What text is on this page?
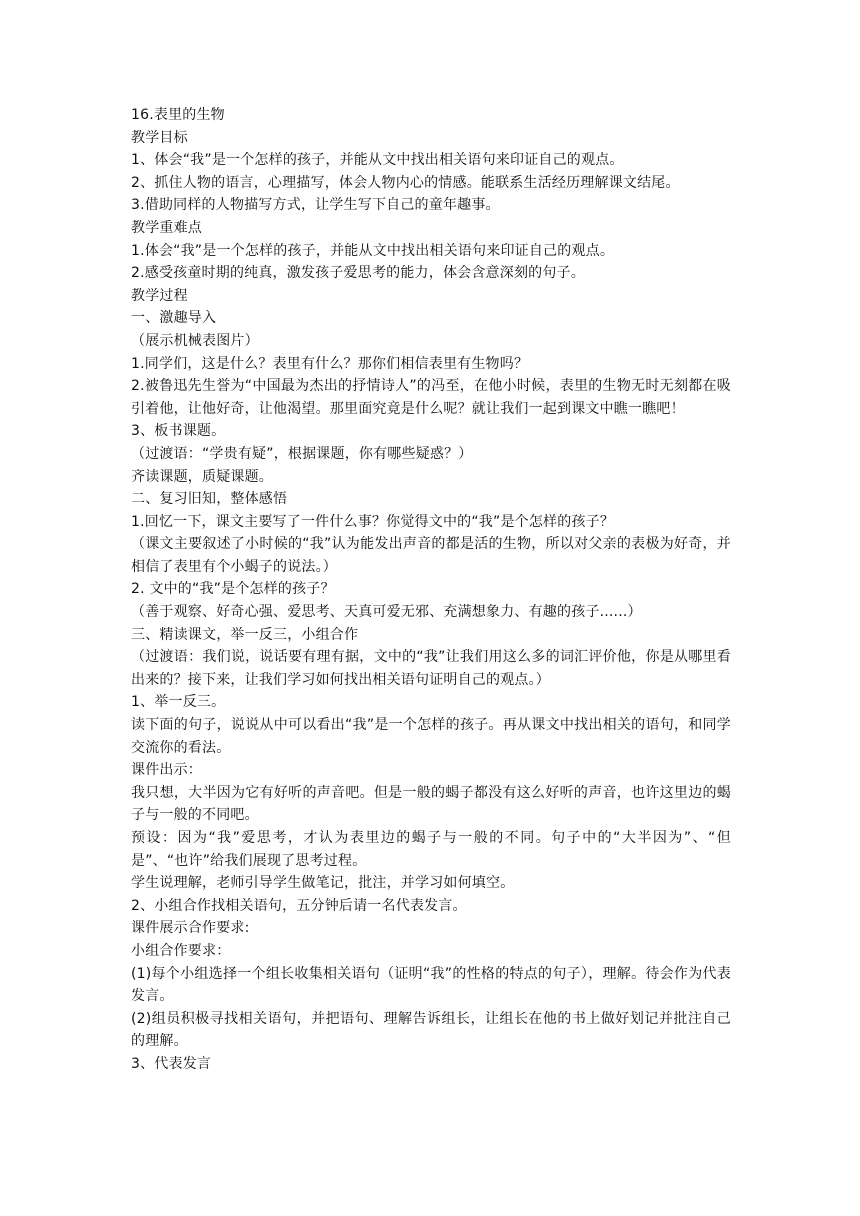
16.表里的生物
教学目标
1、体会“我”是一个怎样的孩子，并能从文中找出相关语句来印证自己的观点。
2、抓住人物的语言，心理描写，体会人物内心的情感。能联系生活经历理解课文结尾。
3.借助同样的人物描写方式，让学生写下自己的童年趣事。
教学重难点
1.体会“我”是一个怎样的孩子，并能从文中找出相关语句来印证自己的观点。
2.感受孩童时期的纯真，激发孩子爱思考的能力，体会含意深刻的句子。
教学过程
一、激趣导入
（展示机械表图片）
1.同学们，这是什么？表里有什么？那你们相信表里有生物吗？
2.被鲁迅先生誉为“中国最为杰出的抒情诗人”的冯至，在他小时候，表里的生物无时无刻都在吸引着他，让他好奇，让他渴望。那里面究竟是什么呢？就让我们一起到课文中瞧一瞧吧！
3、板书课题。
（过渡语：“学贵有疑”，根据课题，你有哪些疑惑？）
齐读课题，质疑课题。
二、复习旧知，整体感悟
1.回忆一下，课文主要写了一件什么事？你觉得文中的“我”是个怎样的孩子？
（课文主要叙述了小时候的“我”认为能发出声音的都是活的生物，所以对父亲的表极为好奇，并相信了表里有个小蝎子的说法。）
2. 文中的“我”是个怎样的孩子？
（善于观察、好奇心强、爱思考、天真可爱无邪、充满想象力、有趣的孩子......）
三、精读课文，举一反三，小组合作
（过渡语：我们说，说话要有理有据，文中的“我”让我们用这么多的词汇评价他，你是从哪里看出来的？接下来，让我们学习如何找出相关语句证明自己的观点。）
1、举一反三。
读下面的句子，说说从中可以看出“我”是一个怎样的孩子。再从课文中找出相关的语句，和同学交流你的看法。
课件出示：
我只想，大半因为它有好听的声音吧。但是一般的蝎子都没有这么好听的声音，也许这里边的蝎子与一般的不同吧。
预设：因为“我”爱思考，才认为表里边的蝎子与一般的不同。句子中的“大半因为”、“但是”、“也许”给我们展现了思考过程。
学生说理解，老师引导学生做笔记，批注，并学习如何填空。
2、小组合作找相关语句，五分钟后请一名代表发言。
课件展示合作要求:
小组合作要求：
(1)每个小组选择一个组长收集相关语句（证明“我”的性格的特点的句子），理解。待会作为代表发言。
(2)组员积极寻找相关语句，并把语句、理解告诉组长，让组长在他的书上做好划记并批注自己的理解。
3、代表发言
